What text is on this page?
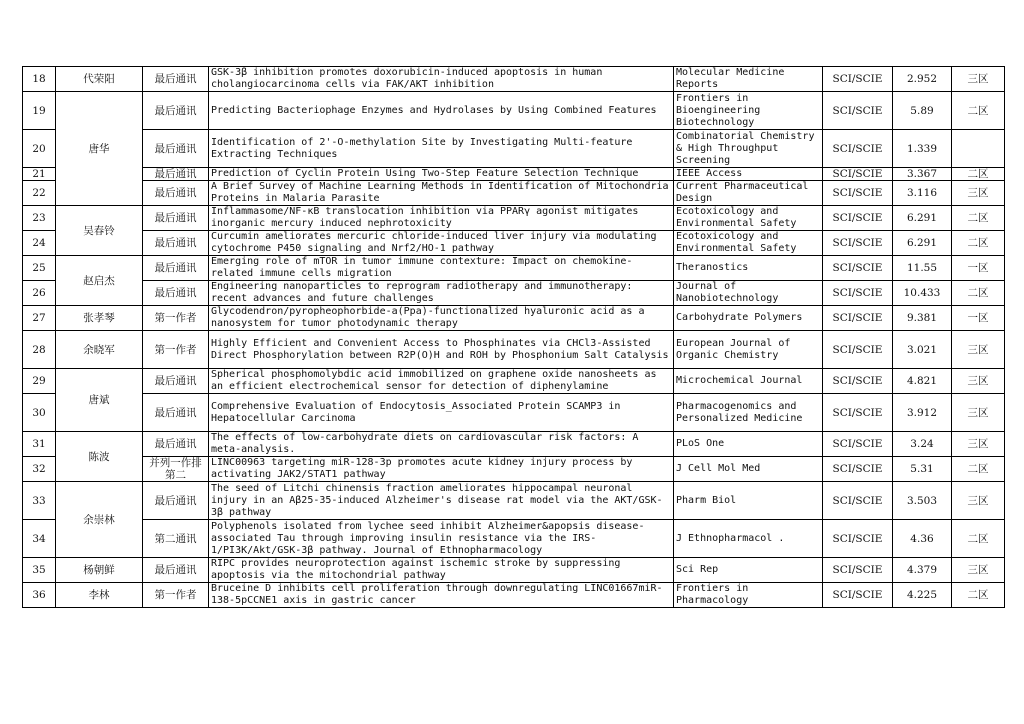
18	代荣阳	最后通讯	GSK-3β inhibition promotes doxorubicin-induced apoptosis in human cholangiocarcinoma cells via FAK/AKT inhibition	Molecular Medicine Reports	SCI/SCIE	2.952	三区

19	唐华	最后通讯	Predicting Bacteriophage Enzymes and Hydrolases by Using Combined Features	Frontiers in Bioengineering Biotechnology	SCI/SCIE	5.89	二区

20		最后通讯	Identification of 2'-O-methylation Site by Investigating Multi-feature Extracting Techniques	Combinatorial Chemistry & High Throughput Screening	SCI/SCIE	1.339	

21		最后通讯	Prediction of Cyclin Protein Using Two-Step Feature Selection Technique	IEEE Access	SCI/SCIE	3.367	二区

22		最后通讯	A Brief Survey of Machine Learning Methods in Identification of Mitochondria Proteins in Malaria Parasite	Current Pharmaceutical Design	SCI/SCIE	3.116	三区

23	吴春铃	最后通讯	Inflammasome/NF-κB translocation inhibition via PPARγ agonist mitigates inorganic mercury induced nephrotoxicity	Ecotoxicology and Environmental Safety	SCI/SCIE	6.291	二区

24		最后通讯	Curcumin ameliorates mercuric chloride-induced liver injury via modulating cytochrome P450 signaling and Nrf2/HO-1 pathway	Ecotoxicology and Environmental Safety	SCI/SCIE	6.291	二区

25	赵启杰	最后通讯	Emerging role of mTOR in tumor immune contexture: Impact on chemokine-related immune cells migration	Theranostics	SCI/SCIE	11.55	一区

26		最后通讯	Engineering nanoparticles to reprogram radiotherapy and immunotherapy: recent advances and future challenges	Journal of Nanobiotechnology	SCI/SCIE	10.433	二区

27	张孝琴	第一作者	Glycodendron/pyropheophorbide-a(Ppa)-functionalized hyaluronic acid as a nanosystem for tumor photodynamic therapy	Carbohydrate Polymers	SCI/SCIE	9.381	一区

28	余晓军	第一作者	Highly Efficient and Convenient Access to Phosphinates via CHCl3-Assisted Direct Phosphorylation between R2P(O)H and ROH by Phosphonium Salt Catalysis	European Journal of Organic Chemistry	SCI/SCIE	3.021	三区

29	唐斌	最后通讯	Spherical phosphomolybdic acid immobilized on graphene oxide nanosheets as an efficient electrochemical sensor for detection of diphenylamine	Microchemical Journal	SCI/SCIE	4.821	三区

30		最后通讯	Comprehensive Evaluation of Endocytosis_Associated Protein SCAMP3 in Hepatocellular Carcinoma	Pharmacogenomics and Personalized Medicine	SCI/SCIE	3.912	三区

31	陈波	最后通讯	The effects of low-carbohydrate diets on cardiovascular risk factors: A meta-analysis.	PLoS One	SCI/SCIE	3.24	三区

32		并列一作排第二	LINC00963 targeting miR-128-3p promotes acute kidney injury process by activating JAK2/STAT1 pathway	J Cell Mol Med	SCI/SCIE	5.31	二区

33	余崇林	最后通讯	The seed of Litchi chinensis fraction ameliorates hippocampal neuronal injury in an Aβ25-35-induced Alzheimer's disease rat model via the AKT/GSK-3β pathway	Pharm Biol	SCI/SCIE	3.503	三区

34		第二通讯	Polyphenols isolated from lychee seed inhibit Alzheimer&apopsis disease-associated Tau through improving insulin resistance via the IRS-1/PI3K/Akt/GSK-3β pathway. Journal of Ethnopharmacology	J Ethnopharmacol .	SCI/SCIE	4.36	二区

35	杨朝鲜	最后通讯	RIPC provides neuroprotection against ischemic stroke by suppressing apoptosis via the mitochondrial pathway	Sci Rep	SCI/SCIE	4.379	三区

36	李林	第一作者	Bruceine D inhibits cell proliferation through downregulating LINC01667miR-138-5pCCNE1 axis in gastric cancer	Frontiers in Pharmacology	SCI/SCIE	4.225	二区
